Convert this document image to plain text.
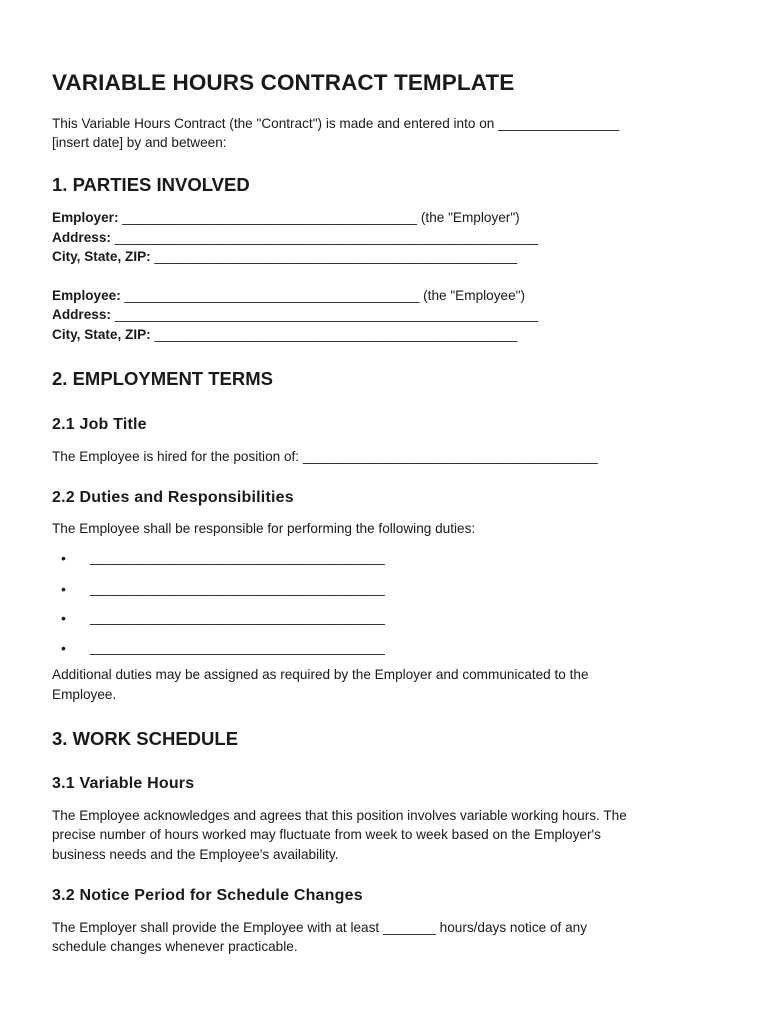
VARIABLE HOURS CONTRACT TEMPLATE
This Variable Hours Contract (the "Contract") is made and entered into on ________________
[insert date] by and between:
1. PARTIES INVOLVED
Employer: _______________________________________ (the "Employer")
Address: ________________________________________________________
City, State, ZIP: ________________________________________________
Employee: _______________________________________ (the "Employee")
Address: ________________________________________________________
City, State, ZIP: ________________________________________________
2. EMPLOYMENT TERMS
2.1 Job Title
The Employee is hired for the position of: _______________________________________
2.2 Duties and Responsibilities
The Employee shall be responsible for performing the following duties:
• _______________________________________
• _______________________________________
• _______________________________________
• _______________________________________
Additional duties may be assigned as required by the Employer and communicated to the
Employee.
3. WORK SCHEDULE
3.1 Variable Hours
The Employee acknowledges and agrees that this position involves variable working hours. The
precise number of hours worked may fluctuate from week to week based on the Employer's
business needs and the Employee's availability.
3.2 Notice Period for Schedule Changes
The Employer shall provide the Employee with at least _______ hours/days notice of any
schedule changes whenever practicable.
